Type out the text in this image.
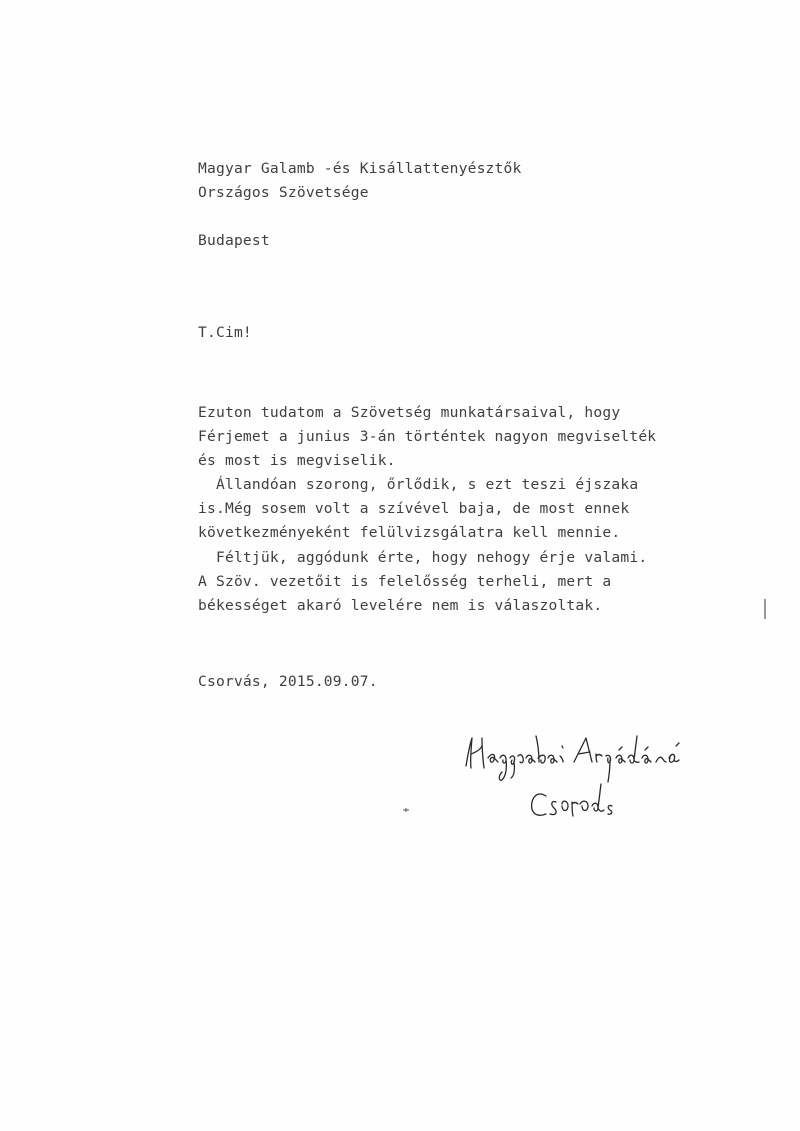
Magyar Galamb -és Kisállattenyésztők
Országos Szövetsége
Budapest
T.Cim!
Ezuton tudatom a Szövetség munkatársaival, hogy
Férjemet a junius 3-án történtek nagyon megviselték
és most is megviselik.
Állandóan szorong, őrlődik, s ezt teszi éjszaka
is.Még sosem volt a szívével baja, de most ennek
következményeként felülvizsgálatra kell mennie.
Féltjük, aggódunk érte, hogy nehogy érje valami.
A Szöv. vezetőit is felelősség terheli, mert a
békességet akaró levelére nem is válaszoltak.
Csorvás, 2015.09.07.
